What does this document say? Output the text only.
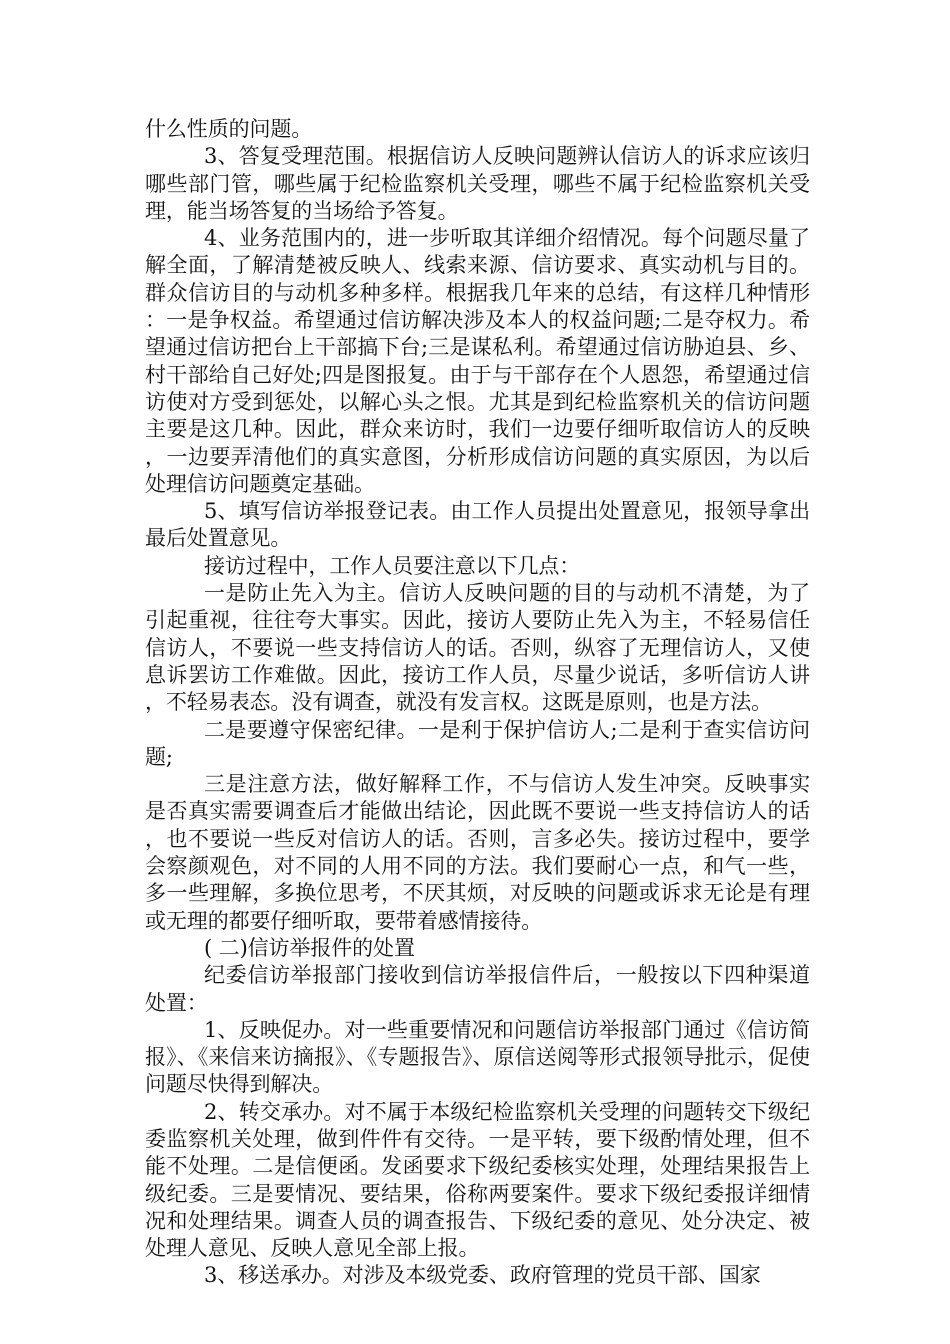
什么性质的问题。

3、答复受理范围。根据信访人反映问题辨认信访人的诉求应该归哪些部门管，哪些属于纪检监察机关受理，哪些不属于纪检监察机关受理，能当场答复的当场给予答复。

4、业务范围内的，进一步听取其详细介绍情况。每个问题尽量了解全面，了解清楚被反映人、线索来源、信访要求、真实动机与目的。群众信访目的与动机多种多样。根据我几年来的总结，有这样几种情形：一是争权益。希望通过信访解决涉及本人的权益问题;二是夺权力。希望通过信访把台上干部搞下台;三是谋私利。希望通过信访胁迫县、乡、村干部给自己好处;四是图报复。由于与干部存在个人恩怨，希望通过信访使对方受到惩处，以解心头之恨。尤其是到纪检监察机关的信访问题主要是这几种。因此，群众来访时，我们一边要仔细听取信访人的反映，一边要弄清他们的真实意图，分析形成信访问题的真实原因，为以后处理信访问题奠定基础。

5、填写信访举报登记表。由工作人员提出处置意见，报领导拿出最后处置意见。

接访过程中，工作人员要注意以下几点：

一是防止先入为主。信访人反映问题的目的与动机不清楚，为了引起重视，往往夸大事实。因此，接访人要防止先入为主，不轻易信任信访人，不要说一些支持信访人的话。否则，纵容了无理信访人，又使息诉罢访工作难做。因此，接访工作人员，尽量少说话，多听信访人讲，不轻易表态。没有调查，就没有发言权。这既是原则，也是方法。

二是要遵守保密纪律。一是利于保护信访人;二是利于查实信访问题;

三是注意方法，做好解释工作，不与信访人发生冲突。反映事实是否真实需要调查后才能做出结论，因此既不要说一些支持信访人的话，也不要说一些反对信访人的话。否则，言多必失。接访过程中，要学会察颜观色，对不同的人用不同的方法。我们要耐心一点，和气一些，多一些理解，多换位思考，不厌其烦，对反映的问题或诉求无论是有理或无理的都要仔细听取，要带着感情接待。

( 二)信访举报件的处置

纪委信访举报部门接收到信访举报信件后，一般按以下四种渠道处置：

1、反映促办。对一些重要情况和问题信访举报部门通过《信访简报》、《来信来访摘报》、《专题报告》、原信送阅等形式报领导批示，促使问题尽快得到解决。

2、转交承办。对不属于本级纪检监察机关受理的问题转交下级纪委监察机关处理，做到件件有交待。一是平转，要下级酌情处理，但不能不处理。二是信便函。发函要求下级纪委核实处理，处理结果报告上级纪委。三是要情况、要结果，俗称两要案件。要求下级纪委报详细情况和处理结果。调查人员的调查报告、下级纪委的意见、处分决定、被处理人意见、反映人意见全部上报。

3、移送承办。对涉及本级党委、政府管理的党员干部、国家
